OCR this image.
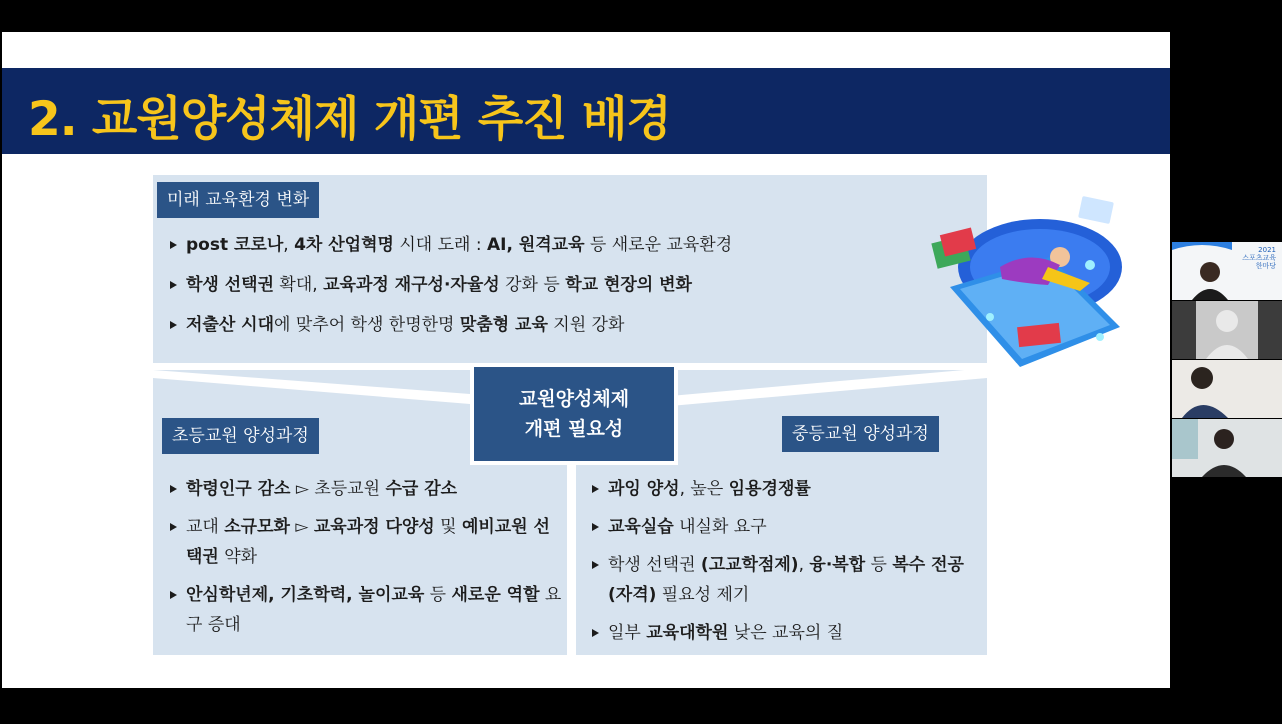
2. 교원양성체제 개편 추진 배경
미래 교육환경 변화
post 코로나, 4차 산업혁명 시대 도래 : AI, 원격교육 등 새로운 교육환경
학생 선택권 확대, 교육과정 재구성·자율성 강화 등 학교 현장의 변화
저출산 시대에 맞추어 학생 한명한명 맞춤형 교육 지원 강화
교원양성체제
개편 필요성
초등교원 양성과정
학령인구 감소 ▻ 초등교원 수급 감소
교대 소규모화 ▻ 교육과정 다양성 및 예비교원 선택권 약화
안심학년제, 기초학력, 놀이교육 등 새로운 역할 요구 증대
중등교원 양성과정
과잉 양성, 높은 임용경쟁률
교육실습 내실화 요구
학생 선택권 (고교학점제), 융·복합 등 복수 전공 (자격) 필요성 제기
일부 교육대학원 낮은 교육의 질
2021
스포츠교육
한마당
